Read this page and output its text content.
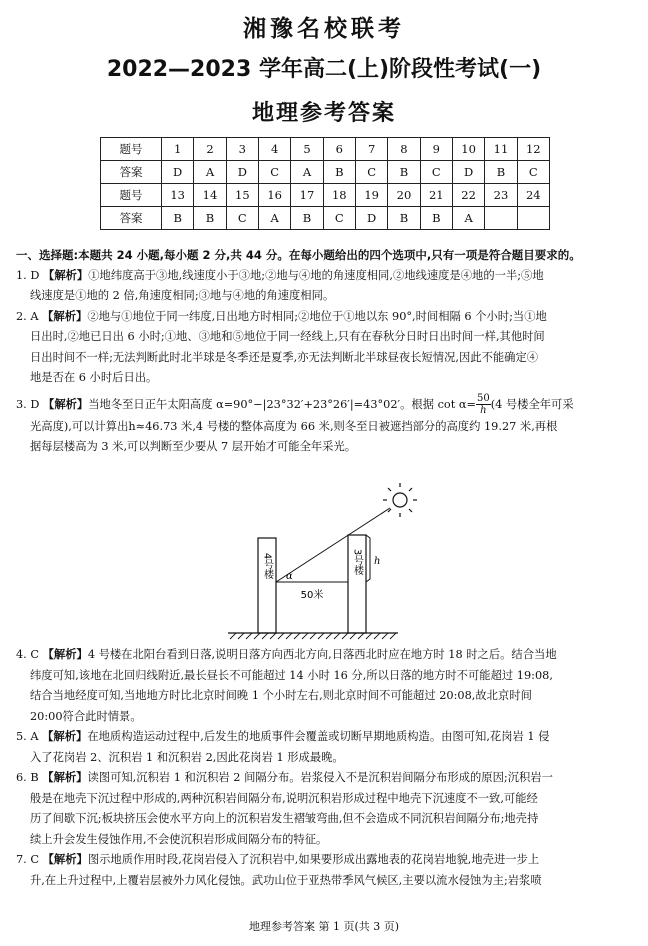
湘豫名校联考
2022—2023 学年高二(上)阶段性考试(一)
地理参考答案
题号	1	2	3	4	5	6	7	8	9	10	11	12
答案	D	A	D	C	A	B	C	B	C	D	B	C
题号	13	14	15	16	17	18	19	20	21	22	23	24
答案	B	B	C	A	B	C	D	B	B	A		

一、选择题:本题共 24 小题,每小题 2 分,共 44 分。在每小题给出的四个选项中,只有一项是符合题目要求的。

1. D 【解析】①地纬度高于③地,线速度小于③地;②地与④地的角速度相同,②地线速度是④地的一半;⑤地

线速度是①地的 2 倍,角速度相同;③地与④地的角速度相同。

2. A 【解析】②地与①地位于同一纬度,日出地方时相同;②地位于①地以东 90°,时间相隔 6 个小时;当①地

日出时,②地已日出 6 小时;①地、③地和⑤地位于同一经线上,只有在春秋分日时日出时间一样,其他时间

日出时间不一样;无法判断此时北半球是冬季还是夏季,亦无法判断北半球昼夜长短情况,因此不能确定④

地是否在 6 小时后日出。

3. D 【解析】当地冬至日正午太阳高度 α=90°−|23°32′+23°26′|=43°02′。根据 $\cot \alpha= \frac{50}{h} (4$ 号楼全年可采

光高度),可以计算出h≈46.73 米,4 号楼的整体高度为 66 米,则冬至日被遮挡部分的高度约 19.27 米,再根

据每层楼高为 3 米,可以判断至少要从 7 层开始才可能全年采光。

4号楼	3号楼
α
h
50米

4. C 【解析】4 号楼在北阳台看到日落,说明日落方向西北方向,日落西北时应在地方时 18 时之后。结合当地

纬度可知,该地在北回归线附近,最长昼长不可能超过 14 小时 16 分,所以日落的地方时不可能超过 19:08,

结合当地经度可知,当地地方时比北京时间晚 1 个小时左右,则北京时间不可能超过 20:08,故北京时间

20:00符合此时情景。

5. A 【解析】在地质构造运动过程中,后发生的地质事件会覆盖或切断早期地质构造。由图可知,花岗岩 1 侵

入了花岗岩 2、沉积岩 1 和沉积岩 2,因此花岗岩 1 形成最晚。

6. B 【解析】读图可知,沉积岩 1 和沉积岩 2 间隔分布。岩浆侵入不是沉积岩间隔分布形成的原因;沉积岩一

般是在地壳下沉过程中形成的,两种沉积岩间隔分布,说明沉积岩形成过程中地壳下沉速度不一致,可能经

历了间歇下沉;板块挤压会使水平方向上的沉积岩发生褶皱弯曲,但不会造成不同沉积岩间隔分布;地壳持

续上升会发生侵蚀作用,不会使沉积岩形成间隔分布的特征。

7. C 【解析】图示地质作用时段,花岗岩侵入了沉积岩中,如果要形成出露地表的花岗岩地貌,地壳进一步上

升,在上升过程中,上覆岩层被外力风化侵蚀。武功山位于亚热带季风气候区,主要以流水侵蚀为主;岩浆喷

地理参考答案 第 1 页(共 3 页)
